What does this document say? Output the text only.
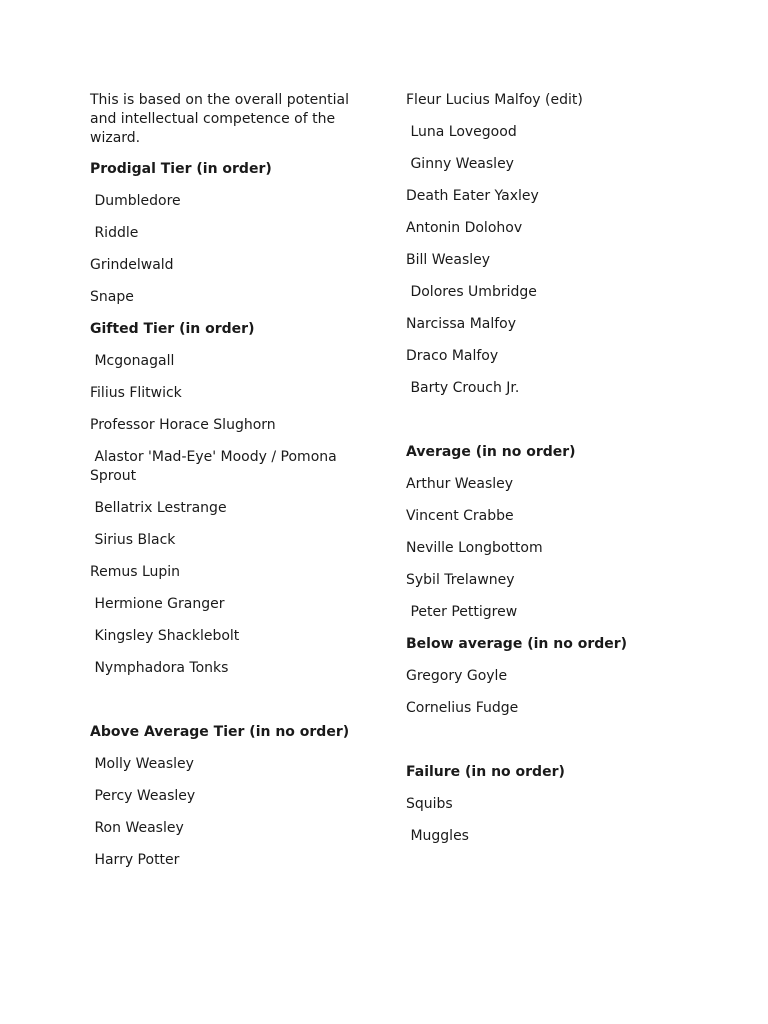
This is based on the overall potential and intellectual competence of the wizard.

Prodigal Tier (in order)
Dumbledore
Riddle
Grindelwald
Snape
Gifted Tier (in order)
Mcgonagall
Filius Flitwick
Professor Horace Slughorn
Alastor 'Mad-Eye' Moody / Pomona Sprout
Bellatrix Lestrange
Sirius Black
Remus Lupin
Hermione Granger
Kingsley Shacklebolt
Nymphadora Tonks
Above Average Tier (in no order)
Molly Weasley
Percy Weasley
Ron Weasley
Harry Potter
Fleur Lucius Malfoy (edit)
Luna Lovegood
Ginny Weasley
Death Eater Yaxley
Antonin Dolohov
Bill Weasley
Dolores Umbridge
Narcissa Malfoy
Draco Malfoy
Barty Crouch Jr.
Average (in no order)
Arthur Weasley
Vincent Crabbe
Neville Longbottom
Sybil Trelawney
Peter Pettigrew
Below average (in no order)
Gregory Goyle
Cornelius Fudge
Failure (in no order)
Squibs
Muggles
